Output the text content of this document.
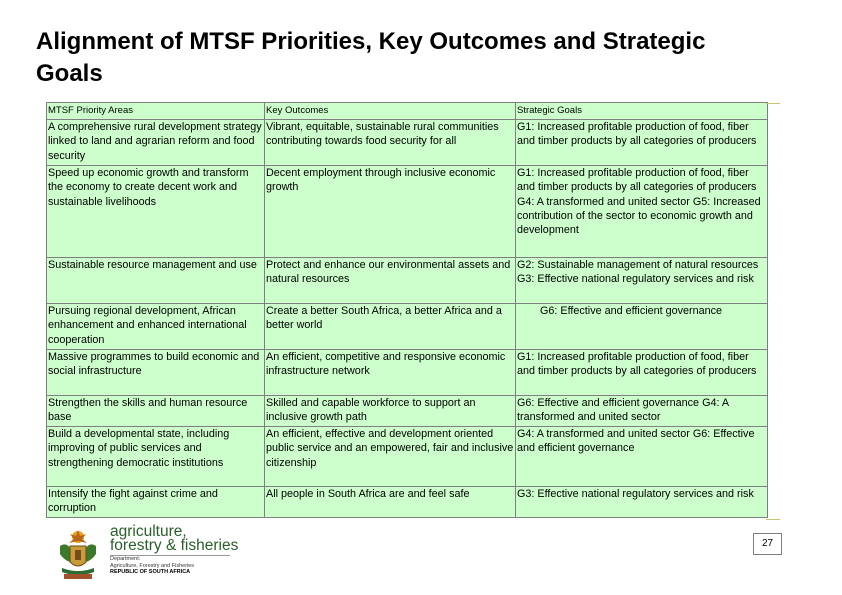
Alignment of MTSF Priorities, Key Outcomes and Strategic Goals
MTSF Priority Areas	Key Outcomes	Strategic Goals
A comprehensive rural development strategy linked to land and agrarian reform and food security	Vibrant, equitable, sustainable rural communities contributing towards food security for all	G1: Increased profitable production of food, fiber and timber products by all categories of producers
Speed up economic growth and transform the economy to create decent work and sustainable livelihoods	Decent employment through inclusive economic growth	G1: Increased profitable production of food, fiber and timber products by all categories of producers G4: A transformed and united sector G5: Increased contribution of the sector to economic growth and development
Sustainable resource management and use	Protect and enhance our environmental assets and natural resources	G2: Sustainable management of natural resources G3: Effective national regulatory services and risk
Pursuing regional development, African enhancement and enhanced international cooperation	Create a better South Africa, a better Africa and a better world	G6: Effective and efficient governance
Massive programmes to build economic and social infrastructure	An efficient, competitive and responsive economic infrastructure network	G1: Increased profitable production of food, fiber and timber products by all categories of producers
Strengthen the skills and human resource base	Skilled and capable workforce to support an inclusive growth path	G6: Effective and efficient governance G4: A transformed and united sector
Build a developmental state, including improving of public services and strengthening democratic institutions	An efficient, effective and development oriented public service and an empowered, fair and inclusive citizenship	G4: A transformed and united sector G6: Effective and efficient governance
Intensify the fight against crime and corruption	All people in South Africa are and feel safe	G3: Effective national regulatory services and risk
27
agriculture,
forestry & fisheries
Department:
Agriculture, Forestry and Fisheries
REPUBLIC OF SOUTH AFRICA
